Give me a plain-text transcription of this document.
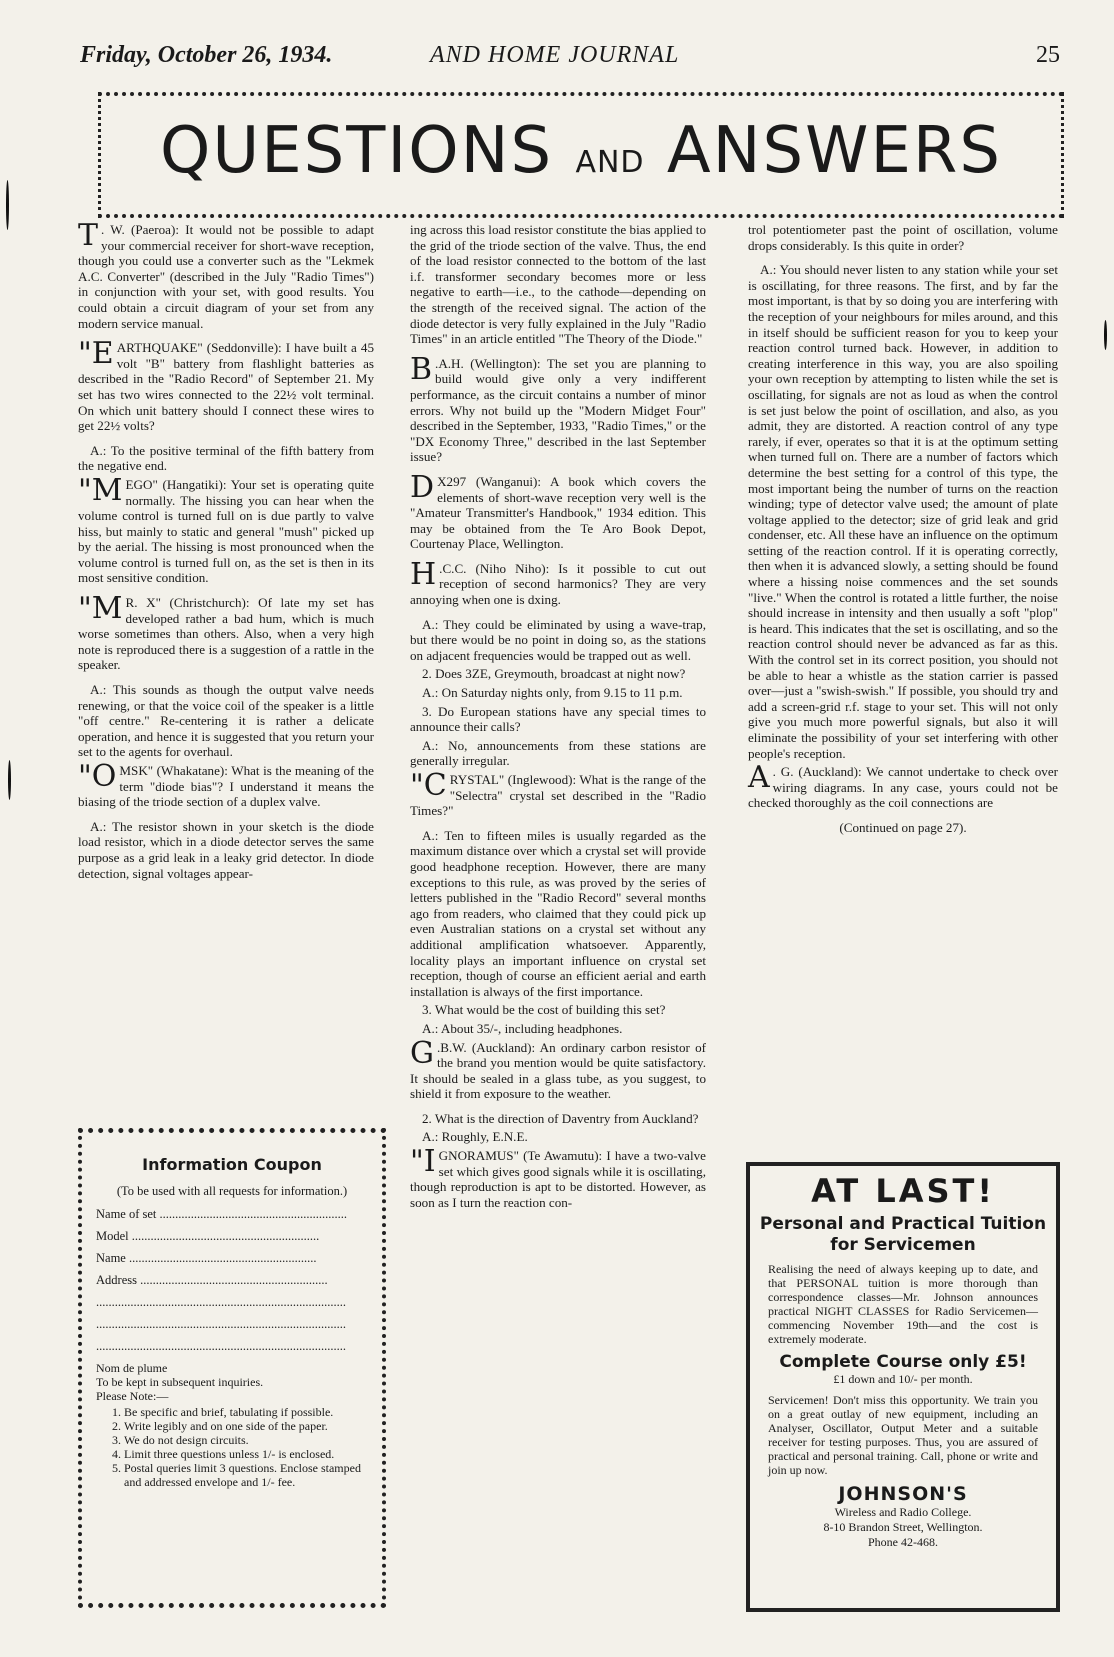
Friday, October 26, 1934.	AND HOME JOURNAL	25
QUESTIONS AND ANSWERS

T . W. (Paeroa): It would not be possible to adapt your commercial receiver for short-wave reception, though you could use a converter such as the "Lekmek A.C. Converter" (described in the July "Radio Times") in conjunction with your set, with good results. You could obtain a circuit diagram of your set from any modern service manual.

"EARTHQUAKE" (Seddonville): I have built a 45 volt "B" battery from flashlight batteries as described in the "Radio Record" of September 21. My set has two wires connected to the 22½ volt terminal. On which unit battery should I connect these wires to get 22½ volts?

A.: To the positive terminal of the fifth battery from the negative end.

"MEGO" (Hangatiki): Your set is operating quite normally. The hissing you can hear when the volume control is turned full on is due partly to valve hiss, but mainly to static and general "mush" picked up by the aerial. The hissing is most pronounced when the volume control is turned full on, as the set is then in its most sensitive condition.

"M R. X" (Christchurch): Of late my set has developed rather a bad hum, which is much worse sometimes than others. Also, when a very high note is reproduced there is a suggestion of a rattle in the speaker.

A.: This sounds as though the output valve needs renewing, or that the voice coil of the speaker is a little "off centre." Re-centering it is rather a delicate operation, and hence it is suggested that you return your set to the agents for overhaul.

"OMSK" (Whakatane): What is the meaning of the term "diode bias"? I understand it means the biasing of the triode section of a duplex valve.

A.: The resistor shown in your sketch is the diode load resistor, which in a diode detector serves the same purpose as a grid leak in a leaky grid detector. In diode detection, signal voltages appear-

ing across this load resistor constitute the bias applied to the grid of the triode section of the valve. Thus, the end of the load resistor connected to the bottom of the last i.f. transformer secondary becomes more or less negative to earth—i.e., to the cathode—depending on the strength of the received signal. The action of the diode detector is very fully explained in the July "Radio Times" in an article entitled "The Theory of the Diode."

B .A.H. (Wellington): The set you are planning to build would give only a very indifferent performance, as the circuit contains a number of minor errors. Why not build up the "Modern Midget Four" described in the September, 1933, "Radio Times," or the "DX Economy Three," described in the last September issue?

D X297 (Wanganui): A book which covers the elements of short-wave reception very well is the "Amateur Transmitter's Handbook," 1934 edition. This may be obtained from the Te Aro Book Depot, Courtenay Place, Wellington.

H .C.C. (Niho Niho): Is it possible to cut out reception of second harmonics? They are very annoying when one is dxing.

A.: They could be eliminated by using a wave-trap, but there would be no point in doing so, as the stations on adjacent frequencies would be trapped out as well.

2. Does 3ZE, Greymouth, broadcast at night now?

A.: On Saturday nights only, from 9.15 to 11 p.m.

3. Do European stations have any special times to announce their calls?

A.: No, announcements from these stations are generally irregular.

"CRYSTAL" (Inglewood): What is the range of the "Selectra" crystal set described in the "Radio Times?"

A.: Ten to fifteen miles is usually regarded as the maximum distance over which a crystal set will provide good headphone reception. However, there are many exceptions to this rule, as was proved by the series of letters published in the "Radio Record" several months ago from readers, who claimed that they could pick up even Australian stations on a crystal set without any additional amplification whatsoever. Apparently, locality plays an important influence on crystal set reception, though of course an efficient aerial and earth installation is always of the first importance.

3. What would be the cost of building this set?

A.: About 35/-, including headphones.

G .B.W. (Auckland): An ordinary carbon resistor of the brand you mention would be quite satisfactory. It should be sealed in a glass tube, as you suggest, to shield it from exposure to the weather.

2. What is the direction of Daventry from Auckland?

A.: Roughly, E.N.E.

"IGNORAMUS" (Te Awamutu): I have a two-valve set which gives good signals while it is oscillating, though reproduction is apt to be distorted. However, as soon as I turn the reaction con-

trol potentiometer past the point of oscillation, volume drops considerably. Is this quite in order?

A.: You should never listen to any station while your set is oscillating, for three reasons. The first, and by far the most important, is that by so doing you are interfering with the reception of your neighbours for miles around, and this in itself should be sufficient reason for you to keep your reaction control turned back. However, in addition to creating interference in this way, you are also spoiling your own reception by attempting to listen while the set is oscillating, for signals are not as loud as when the control is set just below the point of oscillation, and also, as you admit, they are distorted. A reaction control of any type rarely, if ever, operates so that it is at the optimum setting when turned full on. There are a number of factors which determine the best setting for a control of this type, the most important being the number of turns on the reaction winding; type of detector valve used; the amount of plate voltage applied to the detector; size of grid leak and grid condenser, etc. All these have an influence on the optimum setting of the reaction control. If it is operating correctly, then when it is advanced slowly, a setting should be found where a hissing noise commences and the set sounds "live." When the control is rotated a little further, the noise should increase in intensity and then usually a soft "plop" is heard. This indicates that the set is oscillating, and so the reaction control should never be advanced as far as this. With the control set in its correct position, you should not be able to hear a whistle as the station carrier is passed over—just a "swish-swish." If possible, you should try and add a screen-grid r.f. stage to your set. This will not only give you much more powerful signals, but also it will eliminate the possibility of your set interfering with other people's reception.

A . G. (Auckland): We cannot undertake to check over wiring diagrams. In any case, yours could not be checked thoroughly as the coil connections are

(Continued on page 27).

Information Coupon
(To be used with all requests for information.)
Name of set ............................................................
Model ............................................................
Name ............................................................
Address ............................................................
................................................................................
................................................................................
................................................................................
Nom de plume
To be kept in subsequent inquiries.
Please Note:—
1. Be specific and brief, tabulating if possible.
2. Write legibly and on one side of the paper.
3. We do not design circuits.
4. Limit three questions unless 1/- is enclosed.
5. Postal queries limit 3 questions. Enclose stamped and addressed envelope and 1/- fee.
AT LAST!
Personal and Practical Tuition for Servicemen
Realising the need of always keeping up to date, and that PERSONAL tuition is more thorough than correspondence classes—Mr. Johnson announces practical NIGHT CLASSES for Radio Servicemen—commencing November 19th—and the cost is extremely moderate.
Complete Course only £5!
£1 down and 10/- per month.
Servicemen! Don't miss this opportunity. We train you on a great outlay of new equipment, including an Analyser, Oscillator, Output Meter and a suitable receiver for testing purposes. Thus, you are assured of practical and personal training. Call, phone or write and join up now.
JOHNSON'S
Wireless and Radio College.
8-10 Brandon Street, Wellington.
Phone 42-468.
